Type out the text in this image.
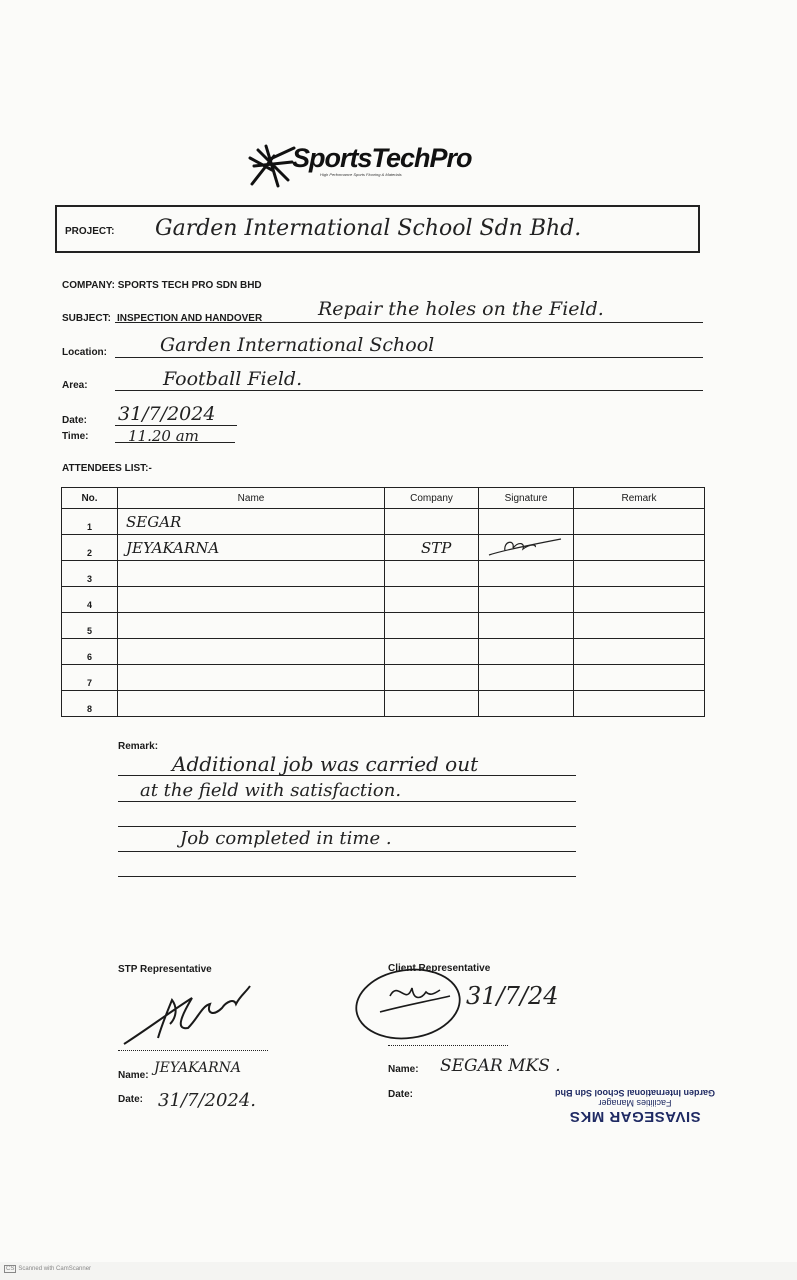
SportsTechPro
High Performance Sports Flooring & Materials
PROJECT: Garden International School Sdn Bhd.
COMPANY: SPORTS TECH PRO SDN BHD
SUBJECT: INSPECTION AND HANDOVER	Repair the holes on the Field.
Location:	Garden International School
Area:	Football Field.
Date: 31/7/2024
Time:	11.20 am
ATTENDEES LIST:-
No.	Name	Company	Signature	Remark
1	SEGAR			
2	JEYAKARNA	STP		
3				
4				
5				
6				
7				
8				
Remark:
Additional job was carried out
at the field with satisfaction.
Job completed in time .
STP Representative
Name: JEYAKARNA
Date: 31/7/2024.
Client Representative
31/7/24
Name: SEGAR MKS .
Date:
SIVASEGAR MKS
Facilities Manager
Garden International School Sdn Bhd
CS Scanned with CamScanner
